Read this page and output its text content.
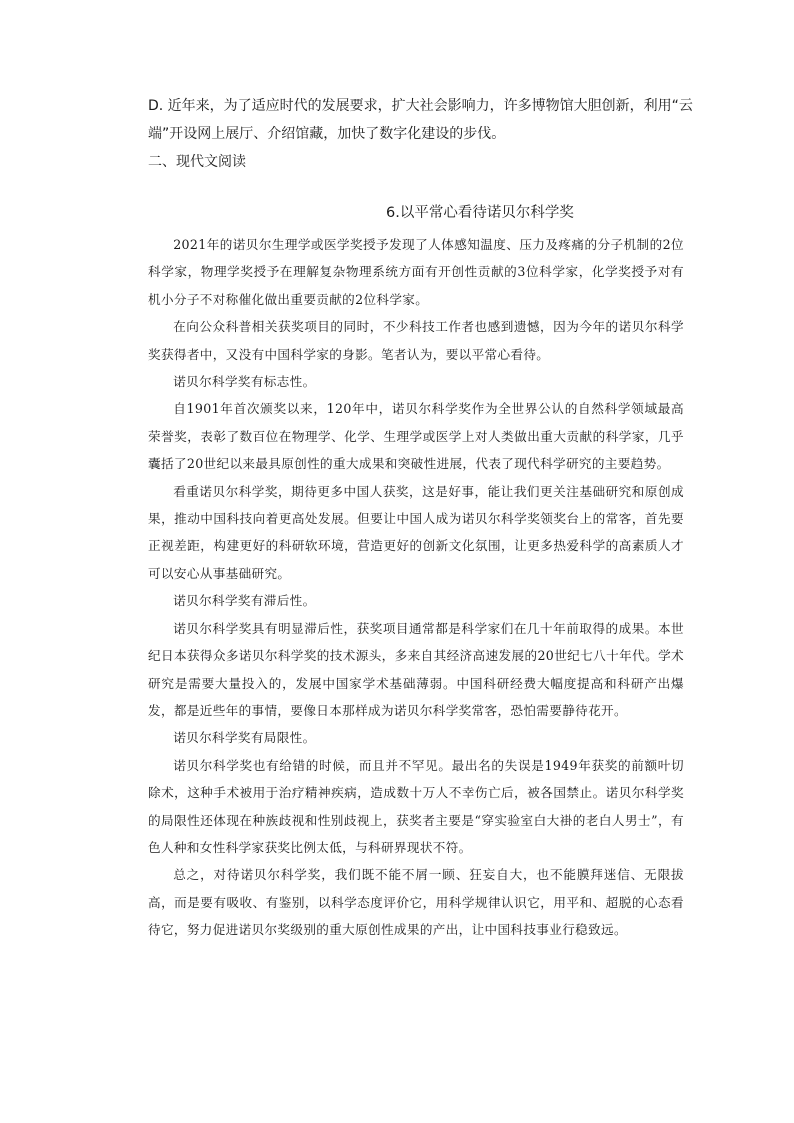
D. 近年来，为了适应时代的发展要求，扩大社会影响力，许多博物馆大胆创新，利用“云端”开设网上展厅、介绍馆藏，加快了数字化建设的步伐。

二、现代文阅读

6.以平常心看待诺贝尔科学奖

2021年的诺贝尔生理学或医学奖授予发现了人体感知温度、压力及疼痛的分子机制的2位科学家，物理学奖授予在理解复杂物理系统方面有开创性贡献的3位科学家，化学奖授予对有机小分子不对称催化做出重要贡献的2位科学家。

在向公众科普相关获奖项目的同时，不少科技工作者也感到遗憾，因为今年的诺贝尔科学奖获得者中，又没有中国科学家的身影。笔者认为，要以平常心看待。

诺贝尔科学奖有标志性。

自1901年首次颁奖以来，120年中，诺贝尔科学奖作为全世界公认的自然科学领域最高荣誉奖，表彰了数百位在物理学、化学、生理学或医学上对人类做出重大贡献的科学家，几乎囊括了20世纪以来最具原创性的重大成果和突破性进展，代表了现代科学研究的主要趋势。

看重诺贝尔科学奖，期待更多中国人获奖，这是好事，能让我们更关注基础研究和原创成果，推动中国科技向着更高处发展。但要让中国人成为诺贝尔科学奖领奖台上的常客，首先要正视差距，构建更好的科研软环境，营造更好的创新文化氛围，让更多热爱科学的高素质人才可以安心从事基础研究。

诺贝尔科学奖有滞后性。

诺贝尔科学奖具有明显滞后性，获奖项目通常都是科学家们在几十年前取得的成果。本世纪日本获得众多诺贝尔科学奖的技术源头，多来自其经济高速发展的20世纪七八十年代。学术研究是需要大量投入的，发展中国家学术基础薄弱。中国科研经费大幅度提高和科研产出爆发，都是近些年的事情，要像日本那样成为诺贝尔科学奖常客，恐怕需要静待花开。

诺贝尔科学奖有局限性。

诺贝尔科学奖也有给错的时候，而且并不罕见。最出名的失误是1949年获奖的前额叶切除术，这种手术被用于治疗精神疾病，造成数十万人不幸伤亡后，被各国禁止。诺贝尔科学奖的局限性还体现在种族歧视和性别歧视上，获奖者主要是“穿实验室白大褂的老白人男士”，有色人种和女性科学家获奖比例太低，与科研界现状不符。

总之，对待诺贝尔科学奖，我们既不能不屑一顾、狂妄自大，也不能膜拜迷信、无限拔高，而是要有吸收、有鉴别，以科学态度评价它，用科学规律认识它，用平和、超脱的心态看待它，努力促进诺贝尔奖级别的重大原创性成果的产出，让中国科技事业行稳致远。
